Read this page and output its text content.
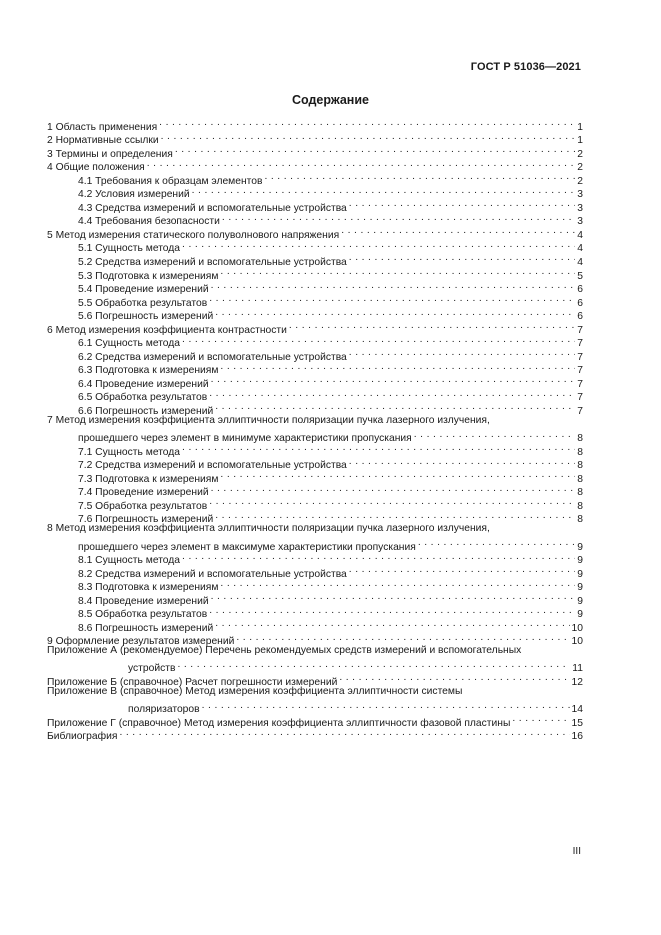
ГОСТ Р 51036—2021
Содержание
1 Область применения . . .	1
2 Нормативные ссылки . . .	1
3 Термины и определения . . .	2
4 Общие положения . . .	2
4.1 Требования к образцам элементов . . .	2
4.2 Условия измерений . . .	3
4.3 Средства измерений и вспомогательные устройства . . .	3
4.4 Требования безопасности . . .	3
5 Метод измерения статического полуволнового напряжения . . .	4
5.1 Сущность метода . . .	4
5.2 Средства измерений и вспомогательные устройства . . .	4
5.3 Подготовка к измерениям . . .	5
5.4 Проведение измерений . . .	6
5.5 Обработка результатов . . .	6
5.6 Погрешность измерений . . .	6
6 Метод измерения коэффициента контрастности . . .	7
6.1 Сущность метода . . .	7
6.2 Средства измерений и вспомогательные устройства . . .	7
6.3 Подготовка к измерениям . . .	7
6.4 Проведение измерений . . .	7
6.5 Обработка результатов . . .	7
6.6 Погрешность измерений . . .	7
7 Метод измерения коэффициента эллиптичности поляризации пучка лазерного излучения,
прошедшего через элемент в минимуме характеристики пропускания . . .	8
7.1 Сущность метода . . .	8
7.2 Средства измерений и вспомогательные устройства . . .	8
7.3 Подготовка к измерениям . . .	8
7.4 Проведение измерений . . .	8
7.5 Обработка результатов . . .	8
7.6 Погрешность измерений . . .	8
8 Метод измерения коэффициента эллиптичности поляризации пучка лазерного излучения,
прошедшего через элемент в максимуме характеристики пропускания . . .	9
8.1 Сущность метода . . .	9
8.2 Средства измерений и вспомогательные устройства . . .	9
8.3 Подготовка к измерениям . . .	9
8.4 Проведение измерений . . .	9
8.5 Обработка результатов . . .	9
8.6 Погрешность измерений . . .	10
9 Оформление результатов измерений . . .	10
Приложение А (рекомендуемое) Перечень рекомендуемых средств измерений и вспомогательных
устройств . . .	11
Приложение Б (справочное) Расчет погрешности измерений . . .	12
Приложение В (справочное) Метод измерения коэффициента эллиптичности системы
поляризаторов . . .	14
Приложение Г (справочное) Метод измерения коэффициента эллиптичности фазовой пластины . . .	15
Библиография . . .	16
III
